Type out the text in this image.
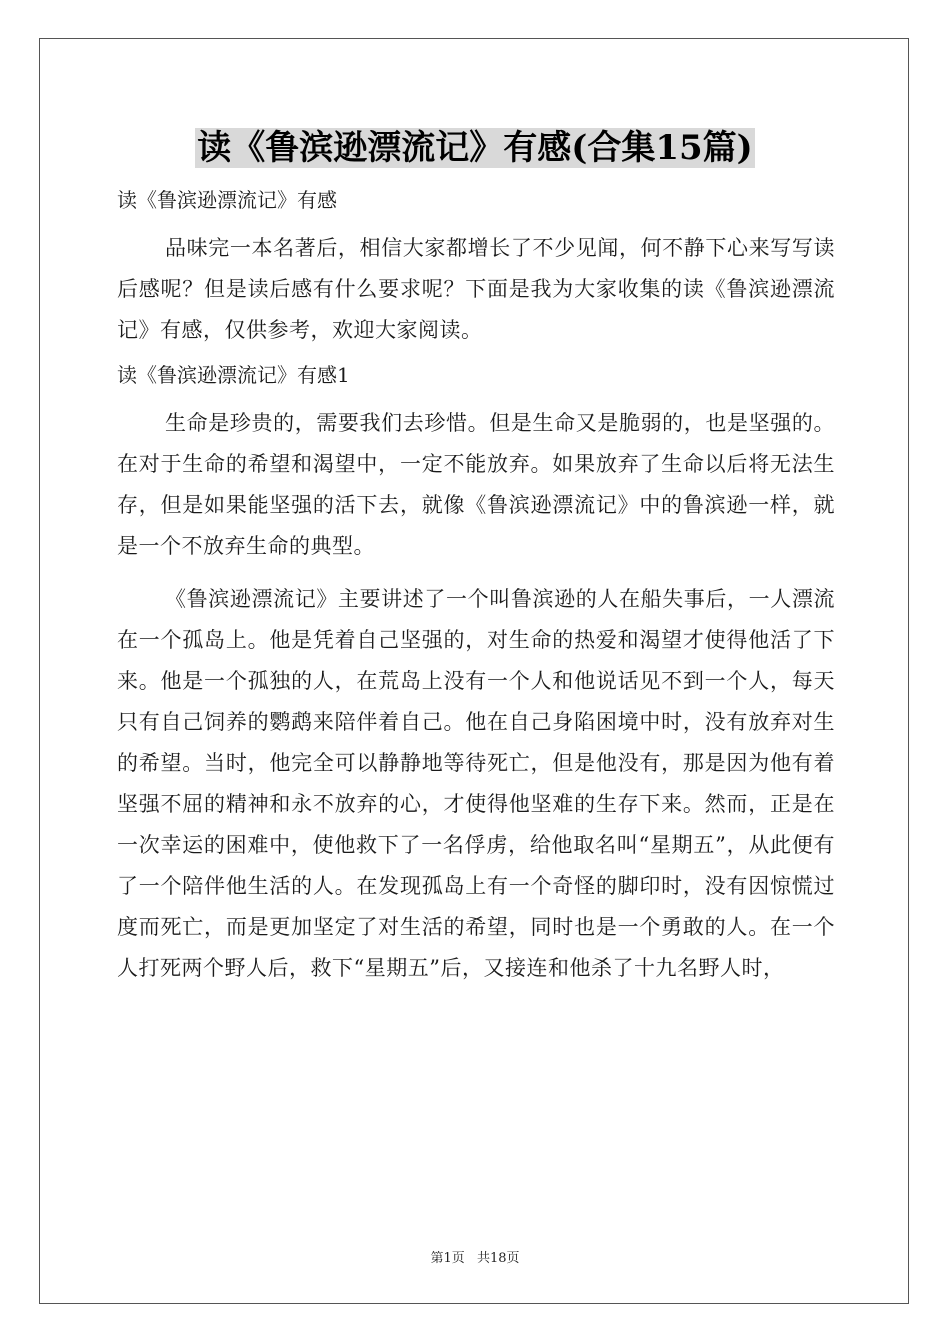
读《鲁滨逊漂流记》有感(合集15篇)

读《鲁滨逊漂流记》有感

品味完一本名著后，相信大家都增长了不少见闻，何不静下心来写写读后感呢？但是读后感有什么要求呢？下面是我为大家收集的读《鲁滨逊漂流记》有感，仅供参考，欢迎大家阅读。

读《鲁滨逊漂流记》有感1

生命是珍贵的，需要我们去珍惜。但是生命又是脆弱的，也是坚强的。在对于生命的希望和渴望中，一定不能放弃。如果放弃了生命以后将无法生存，但是如果能坚强的活下去，就像《鲁滨逊漂流记》中的鲁滨逊一样，就是一个不放弃生命的典型。

《鲁滨逊漂流记》主要讲述了一个叫鲁滨逊的人在船失事后，一人漂流在一个孤岛上。他是凭着自己坚强的，对生命的热爱和渴望才使得他活了下来。他是一个孤独的人，在荒岛上没有一个人和他说话见不到一个人，每天只有自己饲养的鹦鹉来陪伴着自己。他在自己身陷困境中时，没有放弃对生的希望。当时，他完全可以静静地等待死亡，但是他没有，那是因为他有着坚强不屈的精神和永不放弃的心，才使得他坚难的生存下来。然而，正是在一次幸运的困难中，使他救下了一名俘虏，给他取名叫“星期五”，从此便有了一个陪伴他生活的人。在发现孤岛上有一个奇怪的脚印时，没有因惊慌过度而死亡，而是更加坚定了对生活的希望，同时也是一个勇敢的人。在一个人打死两个野人后，救下“星期五”后，又接连和他杀了十九名野人时，

第1页 共18页
